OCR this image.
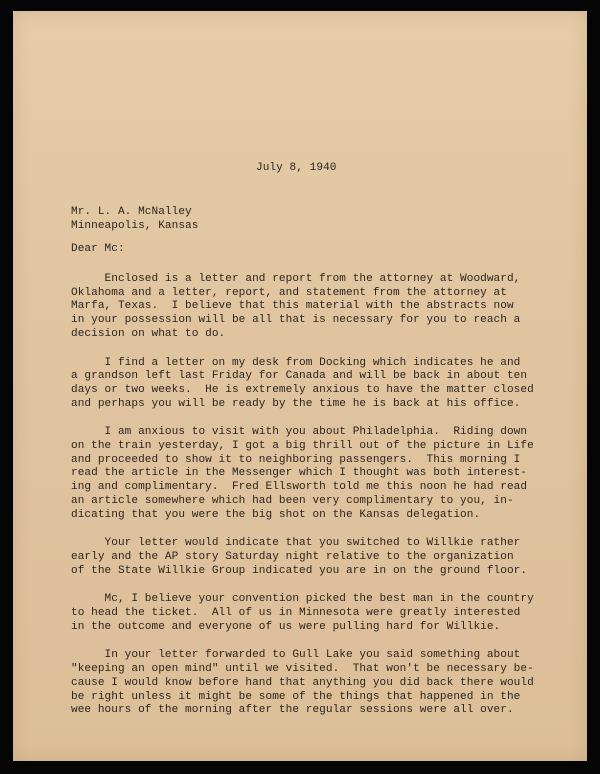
July 8, 1940
Mr. L. A. McNalley
Minneapolis, Kansas
Dear Mc:
Enclosed is a letter and report from the attorney at Woodward,
Oklahoma and a letter, report, and statement from the attorney at
Marfa, Texas.  I believe that this material with the abstracts now
in your possession will be all that is necessary for you to reach a
decision on what to do.
I find a letter on my desk from Docking which indicates he and
a grandson left last Friday for Canada and will be back in about ten
days or two weeks.  He is extremely anxious to have the matter closed
and perhaps you will be ready by the time he is back at his office.
I am anxious to visit with you about Philadelphia.  Riding down
on the train yesterday, I got a big thrill out of the picture in Life
and proceeded to show it to neighboring passengers.  This morning I
read the article in the Messenger which I thought was both interest-
ing and complimentary.  Fred Ellsworth told me this noon he had read
an article somewhere which had been very complimentary to you, in-
dicating that you were the big shot on the Kansas delegation.
Your letter would indicate that you switched to Willkie rather
early and the AP story Saturday night relative to the organization
of the State Willkie Group indicated you are in on the ground floor.
Mc, I believe your convention picked the best man in the country
to head the ticket.  All of us in Minnesota were greatly interested
in the outcome and everyone of us were pulling hard for Willkie.
In your letter forwarded to Gull Lake you said something about
"keeping an open mind" until we visited.  That won't be necessary be-
cause I would know before hand that anything you did back there would
be right unless it might be some of the things that happened in the
wee hours of the morning after the regular sessions were all over.
